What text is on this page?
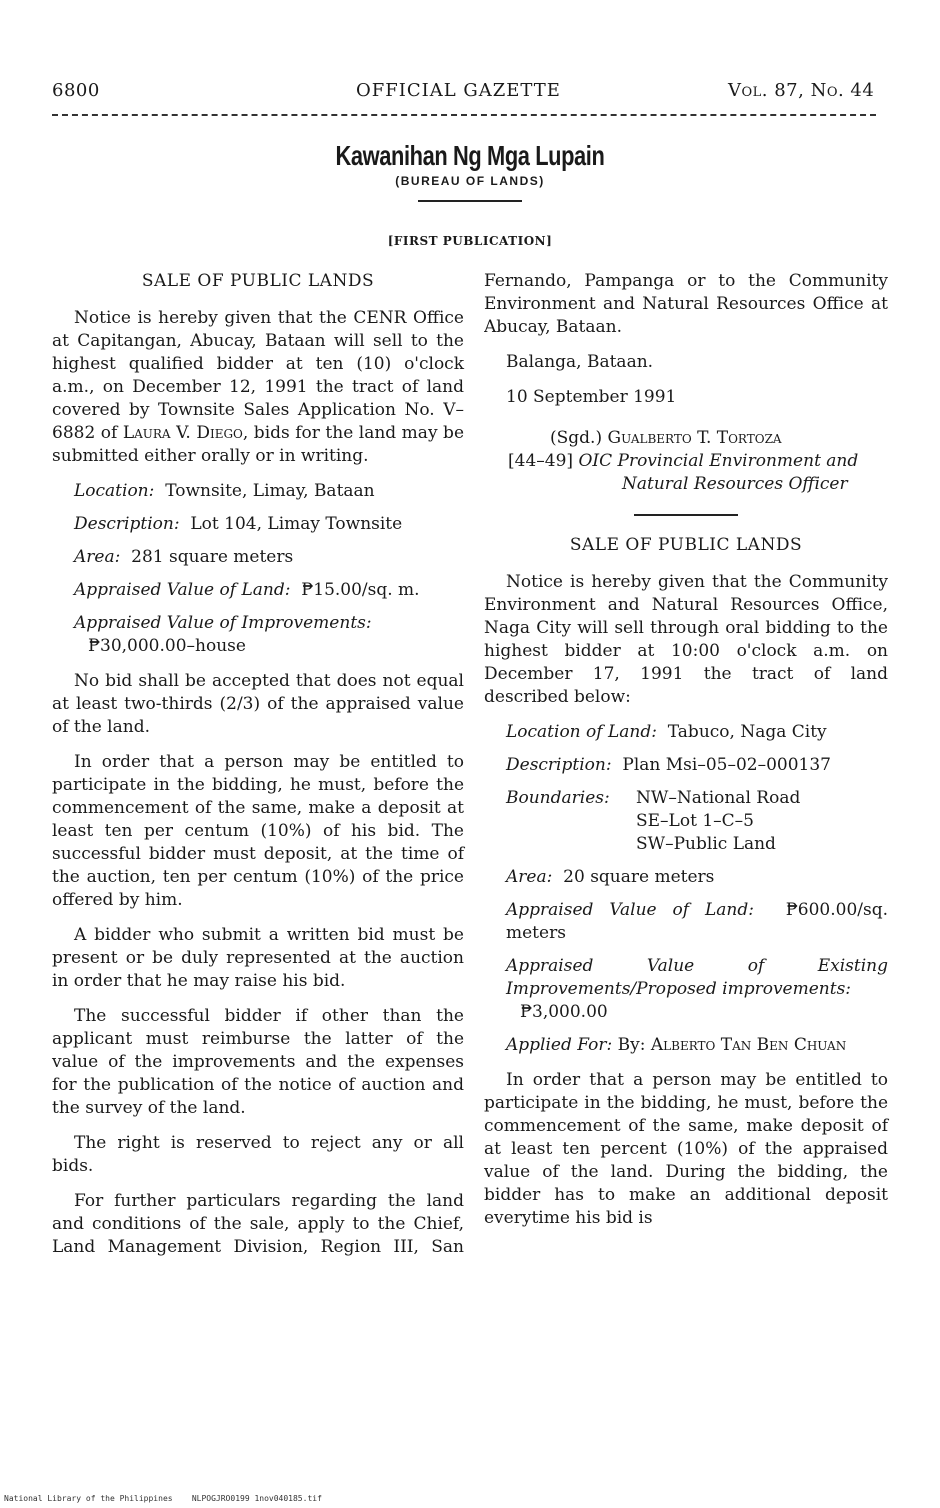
6800	OFFICIAL GAZETTE	Vol. 87, No. 44
Kawanihan Ng Mga Lupain
(BUREAU OF LANDS)
[FIRST PUBLICATION]

SALE OF PUBLIC LANDS

Notice is hereby given that the CENR Office at Capitangan, Abucay, Bataan will sell to the highest qualified bidder at ten (10) o'clock a.m., on December 12, 1991 the tract of land covered by Townsite Sales Application No. V–6882 of Laura V. Diego, bids for the land may be submitted either orally or in writing.

Location: Townsite, Limay, Bataan

Description: Lot 104, Limay Townsite

Area: 281 square meters

Appraised Value of Land: ₱15.00/sq. m.

Appraised Value of Improvements:
₱30,000.00–house

No bid shall be accepted that does not equal at least two-thirds (2/3) of the appraised value of the land.

In order that a person may be entitled to participate in the bidding, he must, before the commencement of the same, make a deposit at least ten per centum (10%) of his bid. The successful bidder must deposit, at the time of the auction, ten per centum (10%) of the price offered by him.

A bidder who submit a written bid must be present or be duly represented at the auction in order that he may raise his bid.

The successful bidder if other than the applicant must reimburse the latter of the value of the improvements and the expenses for the publication of the notice of auction and the survey of the land.

The right is reserved to reject any or all bids.

For further particulars regarding the land and conditions of the sale, apply to the Chief, Land Management Division, Region III, San

Fernando, Pampanga or to the Community Environment and Natural Resources Office at Abucay, Bataan.

Balanga, Bataan.

10 September 1991

(Sgd.) Gualberto T. Tortoza
[44–49] OIC Provincial Environment and
Natural Resources Officer

SALE OF PUBLIC LANDS

Notice is hereby given that the Community Environment and Natural Resources Office, Naga City will sell through oral bidding to the highest bidder at 10:00 o'clock a.m. on December 17, 1991 the tract of land described below:

Location of Land: Tabuco, Naga City

Description: Plan Msi–05–02–000137

Boundaries:	NW–National Road
SE–Lot 1–C–5
SW–Public Land

Area: 20 square meters

Appraised Value of Land: ₱600.00/sq. meters

Appraised Value of Existing Improvements/Proposed improvements:
₱3,000.00

Applied For: By: Alberto Tan Ben Chuan

In order that a person may be entitled to participate in the bidding, he must, before the commencement of the same, make deposit of at least ten percent (10%) of the appraised value of the land. During the bidding, the bidder has to make an additional deposit everytime his bid is

National Library of the Philippines NLPOGJRO0199 1nov040185.tif
